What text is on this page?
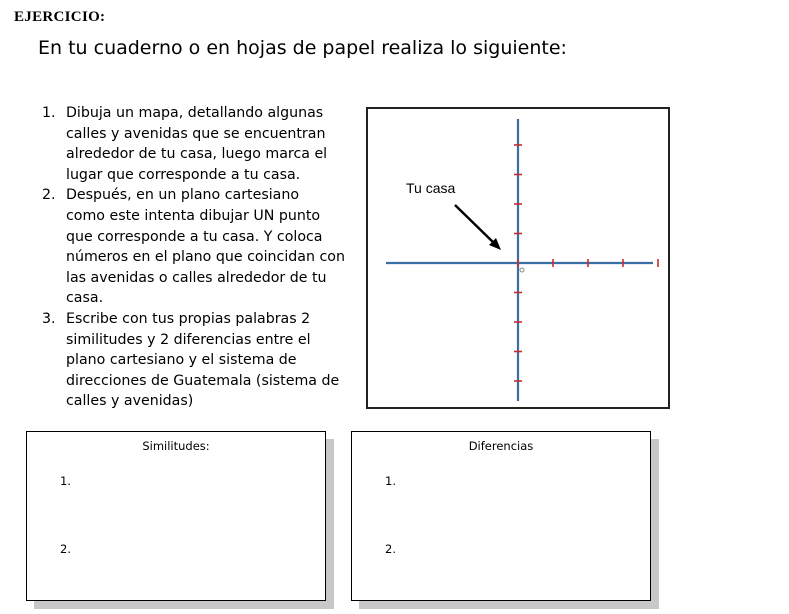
EJERCICIO:
En tu cuaderno o en hojas de papel realiza lo siguiente:
1. Dibuja un mapa, detallando algunas
calles y avenidas que se encuentran
alrededor de tu casa, luego marca el
lugar que corresponde a tu casa.
2. Después, en un plano cartesiano
como este intenta dibujar UN punto
que corresponde a tu casa. Y coloca
números en el plano que coincidan con
las avenidas o calles alrededor de tu
casa.
3. Escribe con tus propias palabras 2
similitudes y 2 diferencias entre el
plano cartesiano y el sistema de
direcciones de Guatemala (sistema de
calles y avenidas)
Tu casa
Similitudes:
1.
2.
Diferencias
1.
2.
